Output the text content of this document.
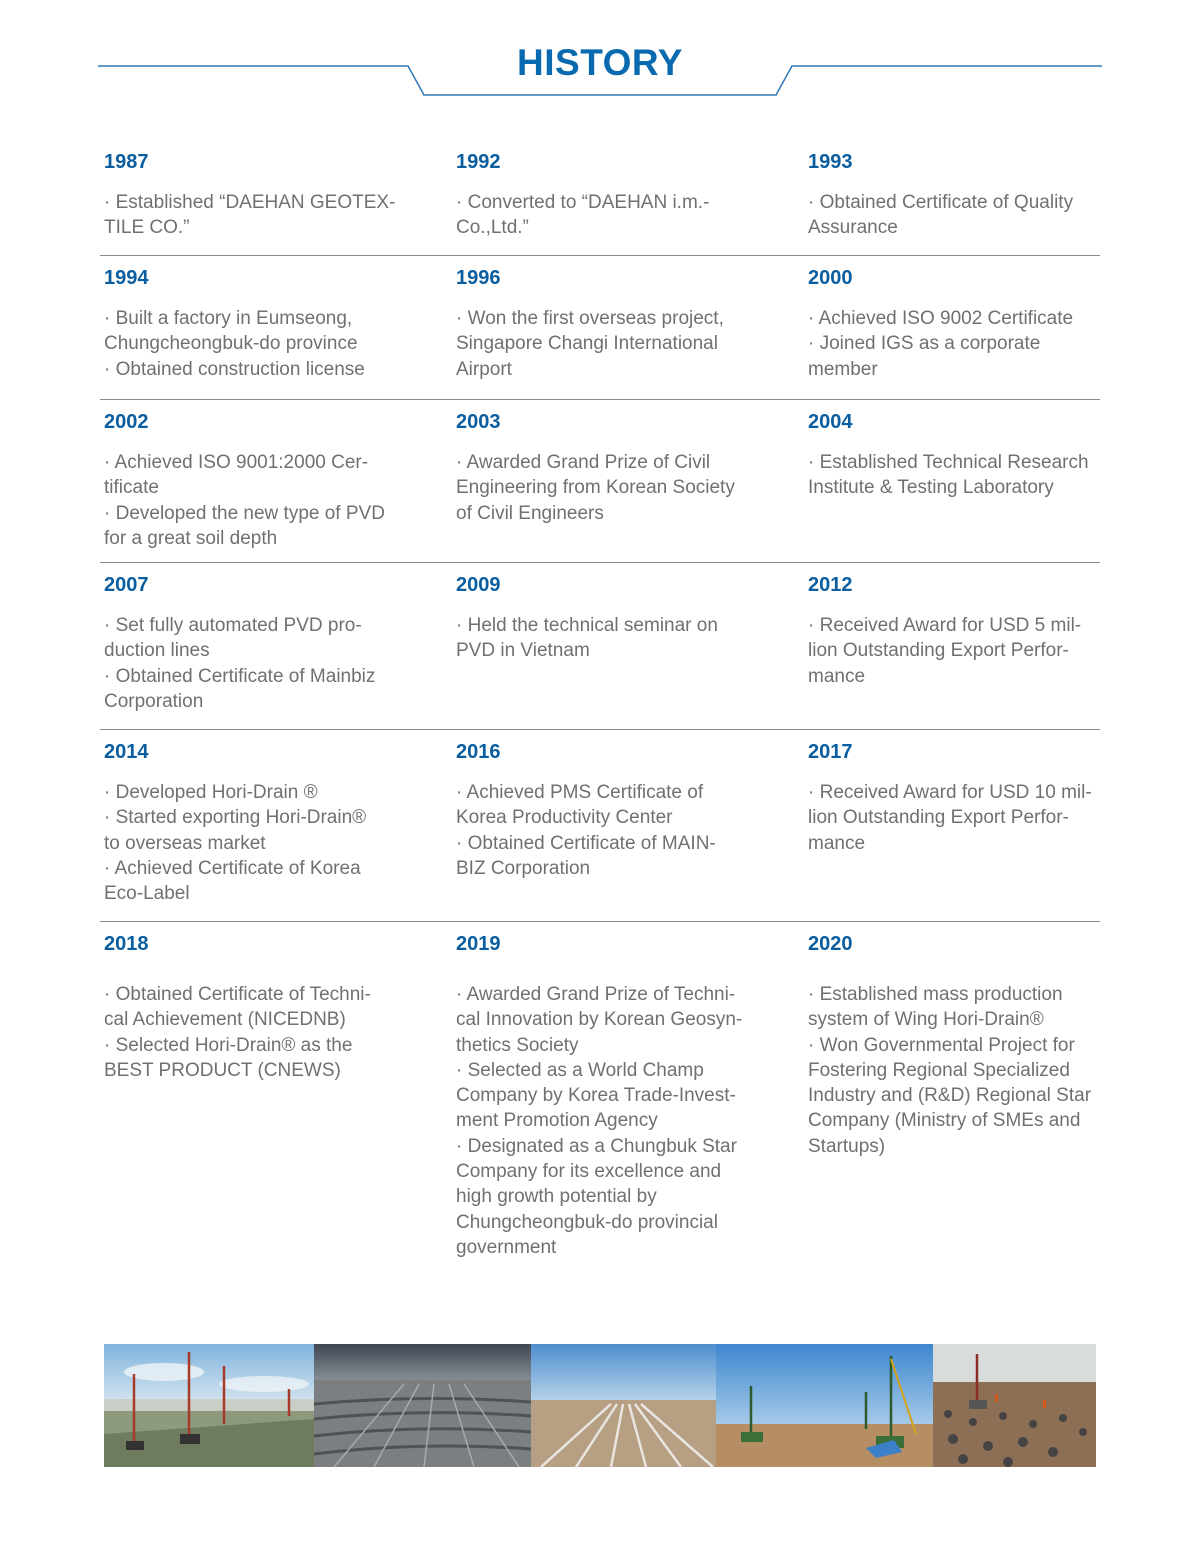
HISTORY
1987

· Established “DAEHAN GEOTEX-
TILE CO.”

1992

· Converted to “DAEHAN i.m.-
Co.,Ltd.”

1993

· Obtained Certificate of Quality
Assurance

1994

· Built a factory in Eumseong,
Chungcheongbuk-do province
· Obtained construction license

1996

· Won the first overseas project,
Singapore Changi International
Airport

2000

· Achieved ISO 9002 Certificate
· Joined IGS as a corporate
member

2002

· Achieved ISO 9001:2000 Cer-
tificate
· Developed the new type of PVD
for a great soil depth

2003

· Awarded Grand Prize of Civil
Engineering from Korean Society
of Civil Engineers

2004

· Established Technical Research
Institute & Testing Laboratory

2007

· Set fully automated PVD pro-
duction lines
· Obtained Certificate of Mainbiz
Corporation

2009

· Held the technical seminar on
PVD in Vietnam

2012

· Received Award for USD 5 mil-
lion Outstanding Export Perfor-
mance

2014

· Developed Hori-Drain ®
· Started exporting Hori-Drain®
to overseas market
· Achieved Certificate of Korea
Eco-Label

2016

· Achieved PMS Certificate of
Korea Productivity Center
· Obtained Certificate of MAIN-
BIZ Corporation

2017

· Received Award for USD 10 mil-
lion Outstanding Export Perfor-
mance

2018

· Obtained Certificate of Techni-
cal Achievement (NICEDNB)
· Selected Hori-Drain® as the
BEST PRODUCT (CNEWS)

2019

· Awarded Grand Prize of Techni-
cal Innovation by Korean Geosyn-
thetics Society
· Selected as a World Champ
Company by Korea Trade-Invest-
ment Promotion Agency
· Designated as a Chungbuk Star
Company for its excellence and
high growth potential by
Chungcheongbuk-do provincial
government

2020

· Established mass production
system of Wing Hori-Drain®
· Won Governmental Project for
Fostering Regional Specialized
Industry and (R&D) Regional Star
Company (Ministry of SMEs and
Startups)
